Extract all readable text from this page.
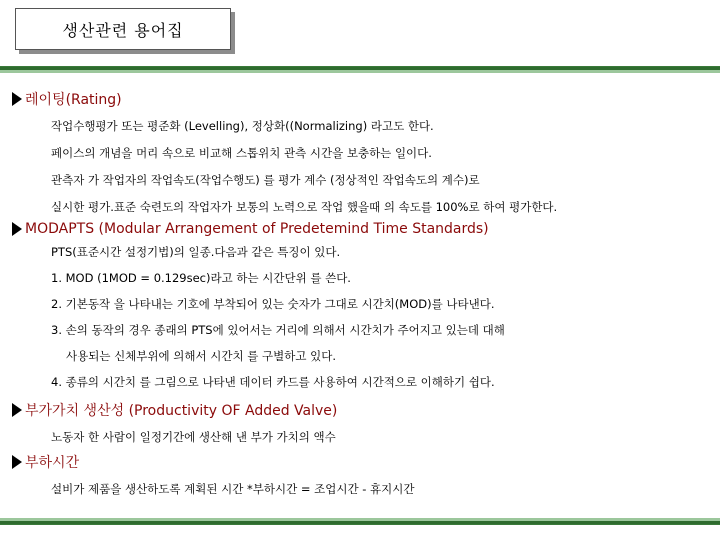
생산관련 용어집
레이팅(Rating)
작업수행평가 또는 평준화 (Levelling), 정상화((Normalizing) 라고도 한다.
페이스의 개념을 머리 속으로 비교해 스톱위치 관측 시간을 보충하는 일이다.
관측자 가 작업자의 작업속도(작업수행도) 를 평가 계수 (정상적인 작업속도의 계수)로
실시한 평가.표준 숙련도의 작업자가 보통의 노력으로 작업 했을때 의 속도를 100%로 하여 평가한다.
MODAPTS (Modular Arrangement of Predetemind Time Standards)
PTS(표준시간 설정기법)의 일종.다음과 같은 특징이 있다.
1. MOD (1MOD = 0.129sec)라고 하는 시간단위 를 쓴다.
2. 기본동작 을 나타내는 기호에 부착되어 있는 숫자가 그대로 시간치(MOD)를 나타낸다.
3. 손의 동작의 경우 종래의 PTS에 있어서는 거리에 의해서 시간치가 주어지고 있는데 대해
사용되는 신체부위에 의해서 시간치 를 구별하고 있다.
4. 종류의 시간치 를 그림으로 나타낸 데이터 카드를 사용하여 시간적으로 이해하기 쉽다.
부가가치 생산성 (Productivity OF Added Valve)
노동자 한 사람이 일정기간에 생산해 낸 부가 가치의 액수
부하시간
설비가 제품을 생산하도록 계획된 시간 *부하시간 = 조업시간 - 휴지시간
